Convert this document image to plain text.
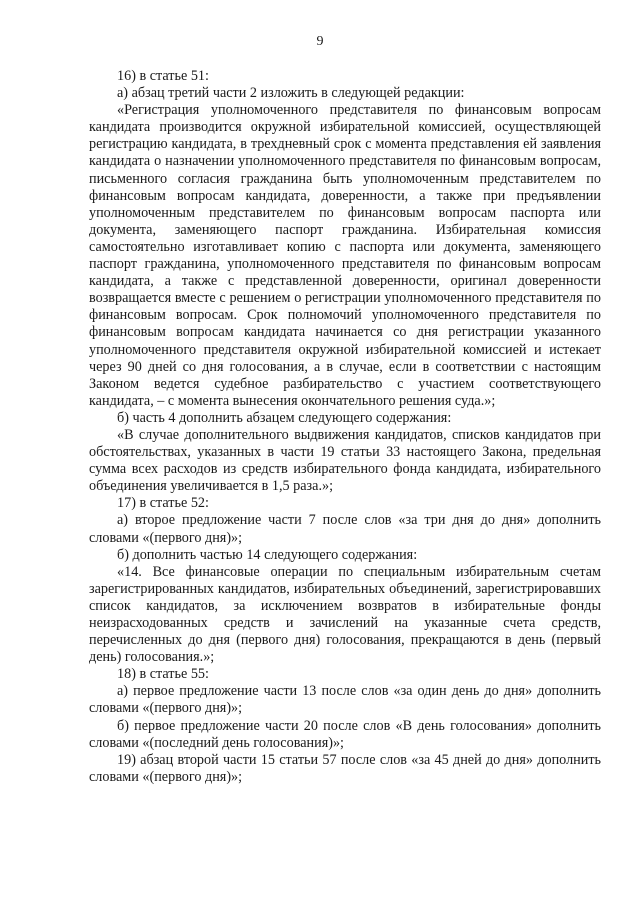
9

16) в статье 51:

а) абзац третий части 2 изложить в следующей редакции:

«Регистрация уполномоченного представителя по финансовым вопросам кандидата производится окружной избирательной комиссией, осуществляющей регистрацию кандидата, в трехдневный срок с момента представления ей заявления кандидата о назначении уполномоченного представителя по финансовым вопросам, письменного согласия гражданина быть уполномоченным представителем по финансовым вопросам кандидата, доверенности, а также при предъявлении уполномоченным представителем по финансовым вопросам паспорта или документа, заменяющего паспорт гражданина. Избирательная комиссия самостоятельно изготавливает копию с паспорта или документа, заменяющего паспорт гражданина, уполномоченного представителя по финансовым вопросам кандидата, а также с представленной доверенности, оригинал доверенности возвращается вместе с решением о регистрации уполномоченного представителя по финансовым вопросам. Срок полномочий уполномоченного представителя по финансовым вопросам кандидата начинается со дня регистрации указанного уполномоченного представителя окружной избирательной комиссией и истекает через 90 дней со дня голосования, а в случае, если в соответствии с настоящим Законом ведется судебное разбирательство с участием соответствующего кандидата, – с момента вынесения окончательного решения суда.»;

б) часть 4 дополнить абзацем следующего содержания:

«В случае дополнительного выдвижения кандидатов, списков кандидатов при обстоятельствах, указанных в части 19 статьи 33 настоящего Закона, предельная сумма всех расходов из средств избирательного фонда кандидата, избирательного объединения увеличивается в 1,5 раза.»;

17) в статье 52:

а) второе предложение части 7 после слов «за три дня до дня» дополнить словами «(первого дня)»;

б) дополнить частью 14 следующего содержания:

«14. Все финансовые операции по специальным избирательным счетам зарегистрированных кандидатов, избирательных объединений, зарегистрировавших список кандидатов, за исключением возвратов в избирательные фонды неизрасходованных средств и зачислений на указанные счета средств, перечисленных до дня (первого дня) голосования, прекращаются в день (первый день) голосования.»;

18) в статье 55:

а) первое предложение части 13 после слов «за один день до дня» дополнить словами «(первого дня)»;

б) первое предложение части 20 после слов «В день голосования» дополнить словами «(последний день голосования)»;

19) абзац второй части 15 статьи 57 после слов «за 45 дней до дня» дополнить словами «(первого дня)»;
